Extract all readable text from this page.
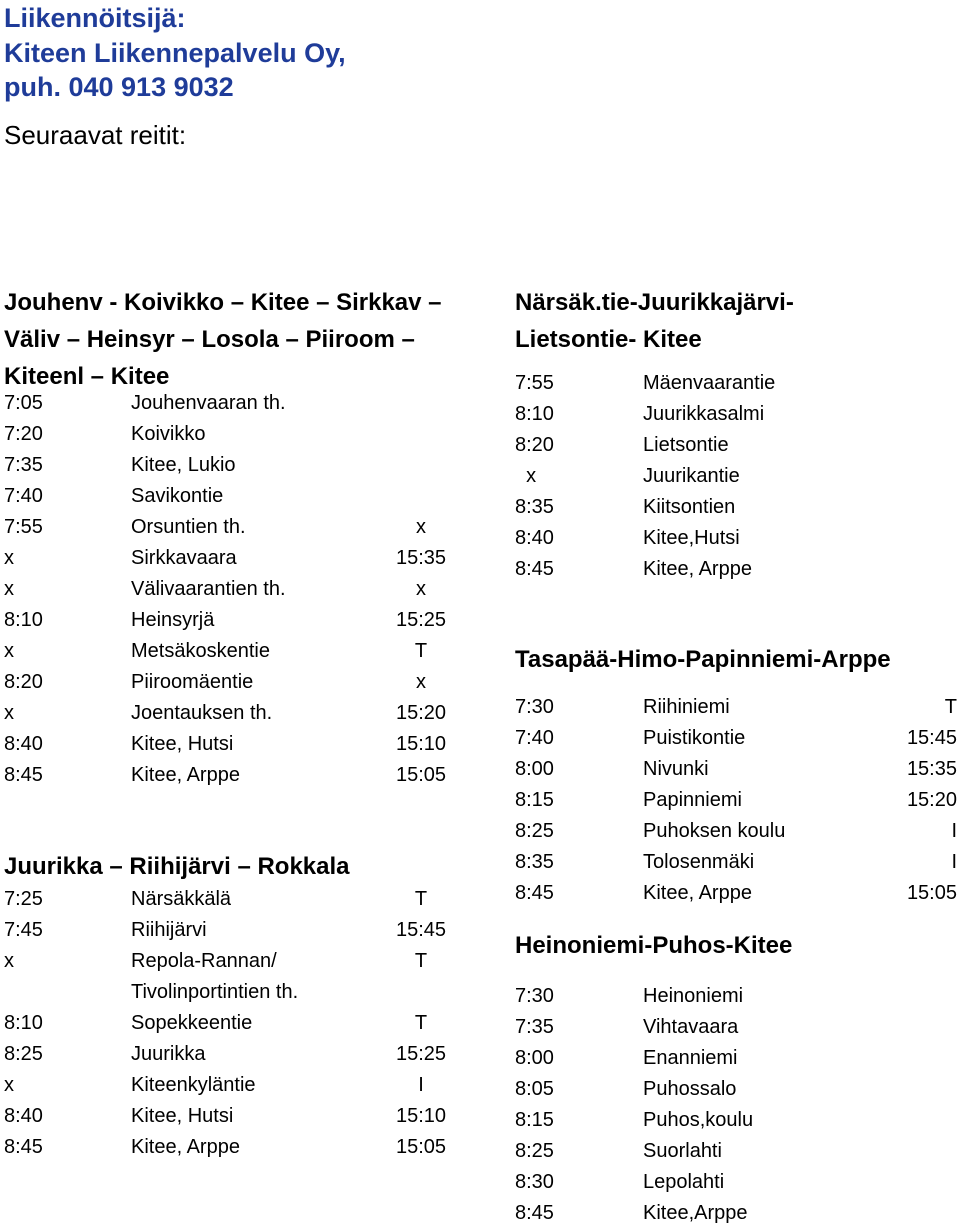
Liikennöitsijä:
Kiteen Liikennepalvelu Oy,
puh. 040 913 9032
Seuraavat reitit:
Jouhenv - Koivikko – Kitee – Sirkkav –
Väliv – Heinsyr – Losola – Piiroom –
Kiteenl – Kitee
7:05	Jouhenvaaran th.
7:20	Koivikko
7:35	Kitee, Lukio
7:40	Savikontie
7:55	Orsuntien th.	x
x	Sirkkavaara	15:35
x	Välivaarantien th.	x
8:10	Heinsyrjä	15:25
x	Metsäkoskentie	T
8:20	Piiroomäentie	x
x	Joentauksen th.	15:20
8:40	Kitee, Hutsi	15:10
8:45	Kitee, Arppe	15:05
Juurikka – Riihijärvi – Rokkala
7:25	Närsäkkälä	T
7:45	Riihijärvi	15:45
x	Repola-Rannan/	T
Tivolinportintien th.
8:10	Sopekkeentie	T
8:25	Juurikka	15:25
x	Kiteenkyläntie	I
8:40	Kitee, Hutsi	15:10
8:45	Kitee, Arppe	15:05
Närsäk.tie-Juurikkajärvi-
Lietsontie- Kitee
7:55	Mäenvaarantie
8:10	Juurikkasalmi
8:20	Lietsontie
x	Juurikantie
8:35	Kiitsontien
8:40	Kitee,Hutsi
8:45	Kitee, Arppe
Tasapää-Himo-Papinniemi-Arppe
7:30	Riihiniemi	T
7:40	Puistikontie	15:45
8:00	Nivunki	15:35
8:15	Papinniemi	15:20
8:25	Puhoksen koulu	I
8:35	Tolosenmäki	I
8:45	Kitee, Arppe	15:05
Heinoniemi-Puhos-Kitee
7:30	Heinoniemi
7:35	Vihtavaara
8:00	Enanniemi
8:05	Puhossalo
8:15	Puhos,koulu
8:25	Suorlahti
8:30	Lepolahti
8:45	Kitee,Arppe
